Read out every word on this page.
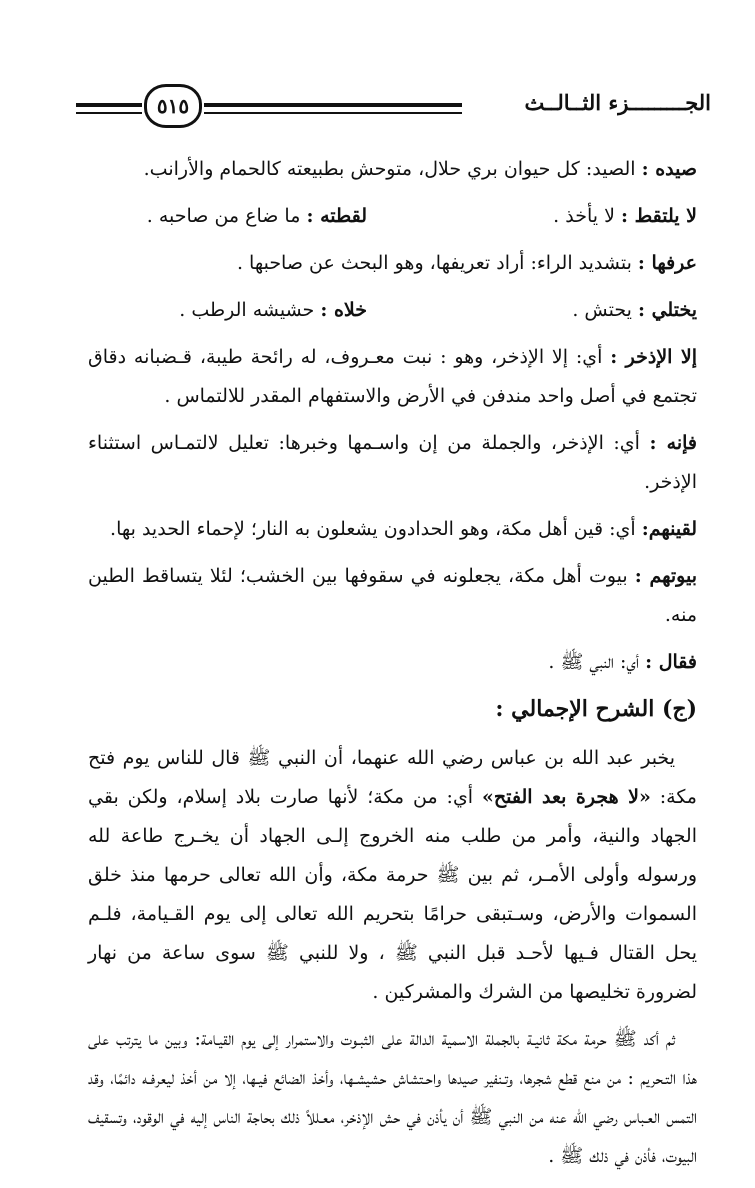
٥١٥	الجـــــــــزء الثــالــث

صيده : الصيد: كل حيوان بري حلال، متوحش بطبيعته كالحمام والأرانب.

لا يلتقط : لا يأخذ .
لقطته : ما ضاع من صاحبه .

عرفها : بتشديد الراء: أراد تعريفها، وهو البحث عن صاحبها .

يختلي : يحتش .
خلاه : حشيشه الرطب .

إلا الإذخر : أي: إلا الإذخر، وهو : نبت معـروف، له رائحة طيبة، قـضبانه دقاق تجتمع في أصل واحد مندفن في الأرض والاستفهام المقدر للالتماس .

فإنه : أي: الإذخر، والجملة من إن واسـمها وخبرها: تعليل لالتمـاس استثناء الإذخر.

لقينهم: أي: قين أهل مكة، وهو الحدادون يشعلون به النار؛ لإحماء الحديد بها.

بيوتهم : بيوت أهل مكة، يجعلونه في سقوفها بين الخشب؛ لئلا يتساقط الطين منه.

فقال : أي: النبي ﷺ .

(ج) الشرح الإجمالي :

يخبر عبد الله بن عباس رضي الله عنهما، أن النبي ﷺ قال للناس يوم فتح مكة: «لا هجرة بعد الفتح» أي: من مكة؛ لأنها صارت بلاد إسلام، ولكن بقي الجهاد والنية، وأمر من طلب منه الخروج إلـى الجهاد أن يخـرج طاعة لله ورسوله وأولى الأمـر، ثم بين ﷺ حرمة مكة، وأن الله تعالى حرمها منذ خلق السموات والأرض، وسـتبقى حرامًا بتحريم الله تعالى إلى يوم القـيامة، فلـم يحل القتال فـيها لأحـد قبل النبي ﷺ ، ولا للنبي ﷺ سوى ساعة من نهار لضرورة تخليصها من الشرك والمشركين .

ثم أكد ﷺ حرمة مكة ثانيـة بالجملة الاسمية الدالة على الثبـوت والاستمرار إلى يوم القيـامة: وبين ما يترتب على هذا التـحريم : من منع قطع شجرها، وتـنفير صيدها واحـتشاش حشيشـها، وأخذ الضائع فيـها، إلا من أخذ ليعرفـه دائمًا، وقد التمس العـباس رضي الله عنه من النبي ﷺ أن يأذن في حش الإذخر، معـللاً ذلك بحاجة الناس إليه في الوقود، وتسقيف البيوت، فأذن في ذلك ﷺ .
